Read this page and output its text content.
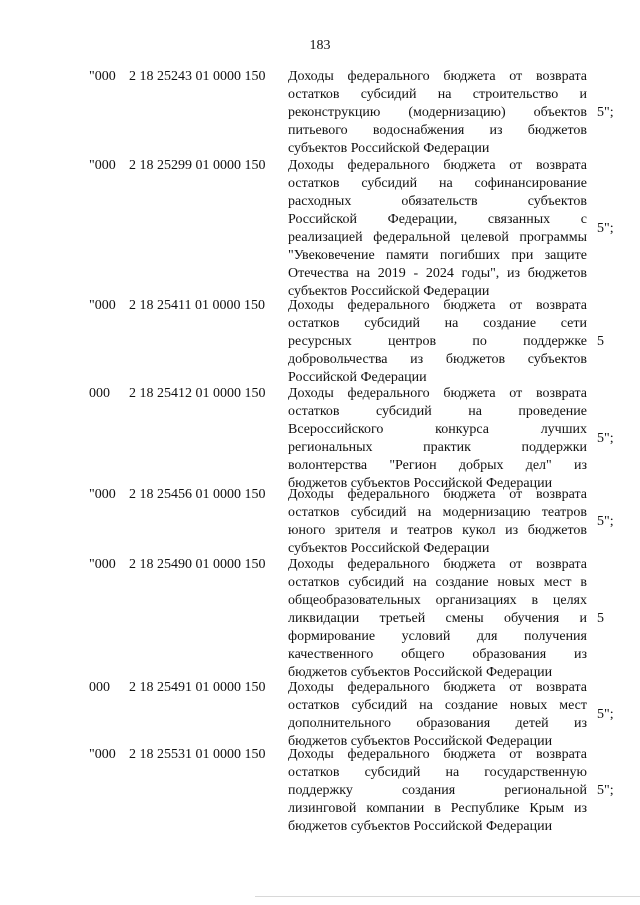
183
"000 2 18 25243 01 0000 150 Доходы федерального бюджета от возврата
остатков субсидий на строительство и
реконструкцию (модернизацию) объектов
питьевого водоснабжения из бюджетов
субъектов Российской Федерации
5";
"000 2 18 25299 01 0000 150 Доходы федерального бюджета от возврата
остатков субсидий на софинансирование
расходных обязательств субъектов
Российской Федерации, связанных с
реализацией федеральной целевой программы
"Увековечение памяти погибших при защите
Отечества на 2019 - 2024 годы", из бюджетов
субъектов Российской Федерации
5";
"000 2 18 25411 01 0000 150 Доходы федерального бюджета от возврата
остатков субсидий на создание сети
ресурсных центров по поддержке
добровольчества из бюджетов субъектов
Российской Федерации
5
000 2 18 25412 01 0000 150 Доходы федерального бюджета от возврата
остатков субсидий на проведение
Всероссийского конкурса лучших
региональных практик поддержки
волонтерства "Регион добрых дел" из
бюджетов субъектов Российской Федерации
5";
"000 2 18 25456 01 0000 150 Доходы федерального бюджета от возврата
остатков субсидий на модернизацию театров
юного зрителя и театров кукол из бюджетов
субъектов Российской Федерации
5";
"000 2 18 25490 01 0000 150 Доходы федерального бюджета от возврата
остатков субсидий на создание новых мест в
общеобразовательных организациях в целях
ликвидации третьей смены обучения и
формирование условий для получения
качественного общего образования из
бюджетов субъектов Российской Федерации
5
000 2 18 25491 01 0000 150 Доходы федерального бюджета от возврата
остатков субсидий на создание новых мест
дополнительного образования детей из
бюджетов субъектов Российской Федерации
5";
"000 2 18 25531 01 0000 150 Доходы федерального бюджета от возврата
остатков субсидий на государственную
поддержку создания региональной
лизинговой компании в Республике Крым из
бюджетов субъектов Российской Федерации
5";
